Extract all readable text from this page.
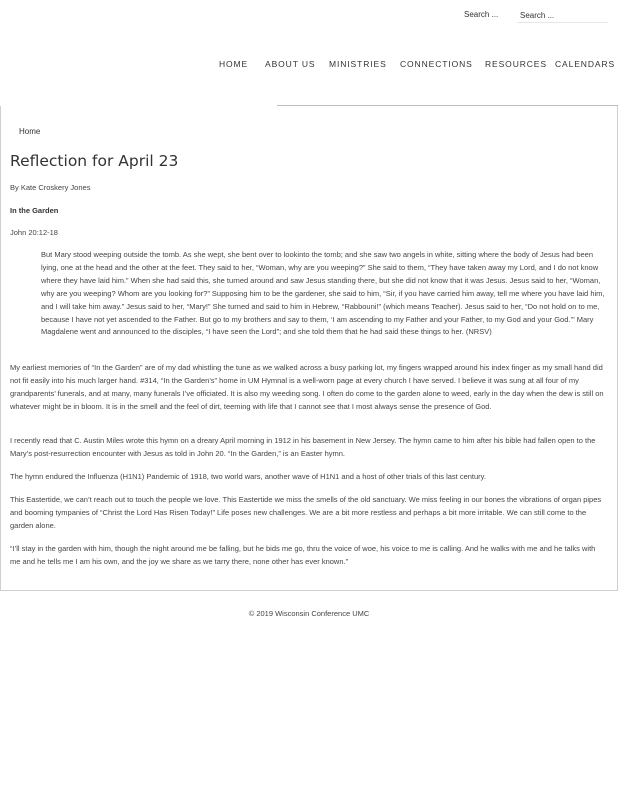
Search ...
Search ...
HOME ABOUT US MINISTRIES CONNECTIONS RESOURCES CALENDARS
Home
Reflection for April 23
By Kate Croskery Jones
In the Garden
John 20:12-18
But Mary stood weeping outside the tomb. As she wept, she bent over to lookinto the tomb; and she saw two angels in white, sitting where the body of Jesus had been lying, one at the head and the other at the feet. They said to her, “Woman, why are you weeping?” She said to them, “They have taken away my Lord, and I do not know where they have laid him.” When she had said this, she turned around and saw Jesus standing there, but she did not know that it was Jesus. Jesus said to her, “Woman, why are you weeping? Whom are you looking for?” Supposing him to be the gardener, she said to him, “Sir, if you have carried him away, tell me where you have laid him, and I will take him away.” Jesus said to her, “Mary!” She turned and said to him in Hebrew, “Rabbouni!” (which means Teacher). Jesus said to her, “Do not hold on to me, because I have not yet ascended to the Father. But go to my brothers and say to them, ‘I am ascending to my Father and your Father, to my God and your God.’” Mary Magdalene went and announced to the disciples, “I have seen the Lord”; and she told them that he had said these things to her. (NRSV)

My earliest memories of “In the Garden” are of my dad whistling the tune as we walked across a busy parking lot, my fingers wrapped around his index finger as my small hand did not fit easily into his much larger hand. #314, “In the Garden’s” home in UM Hymnal is a well-worn page at every church I have served. I believe it was sung at all four of my grandparents’ funerals, and at many, many funerals I’ve officiated. It is also my weeding song. I often do come to the garden alone to weed, early in the day when the dew is still on whatever might be in bloom. It is in the smell and the feel of dirt, teeming with life that I cannot see that I most always sense the presence of God.

I recently read that C. Austin Miles wrote this hymn on a dreary April morning in 1912 in his basement in New Jersey. The hymn came to him after his bible had fallen open to the Mary’s post-resurrection encounter with Jesus as told in John 20. “In the Garden,” is an Easter hymn.

The hymn endured the Influenza (H1N1) Pandemic of 1918, two world wars, another wave of H1N1 and a host of other trials of this last century.

This Eastertide, we can’t reach out to touch the people we love. This Eastertide we miss the smells of the old sanctuary. We miss feeling in our bones the vibrations of organ pipes and booming tympanies of “Christ the Lord Has Risen Today!” Life poses new challenges. We are a bit more restless and perhaps a bit more irritable. We can still come to the garden alone.

“I’ll stay in the garden with him, though the night around me be falling, but he bids me go, thru the voice of woe, his voice to me is calling. And he walks with me and he talks with me and he tells me I am his own, and the joy we share as we tarry there, none other has ever known.”

© 2019 Wisconsin Conference UMC
